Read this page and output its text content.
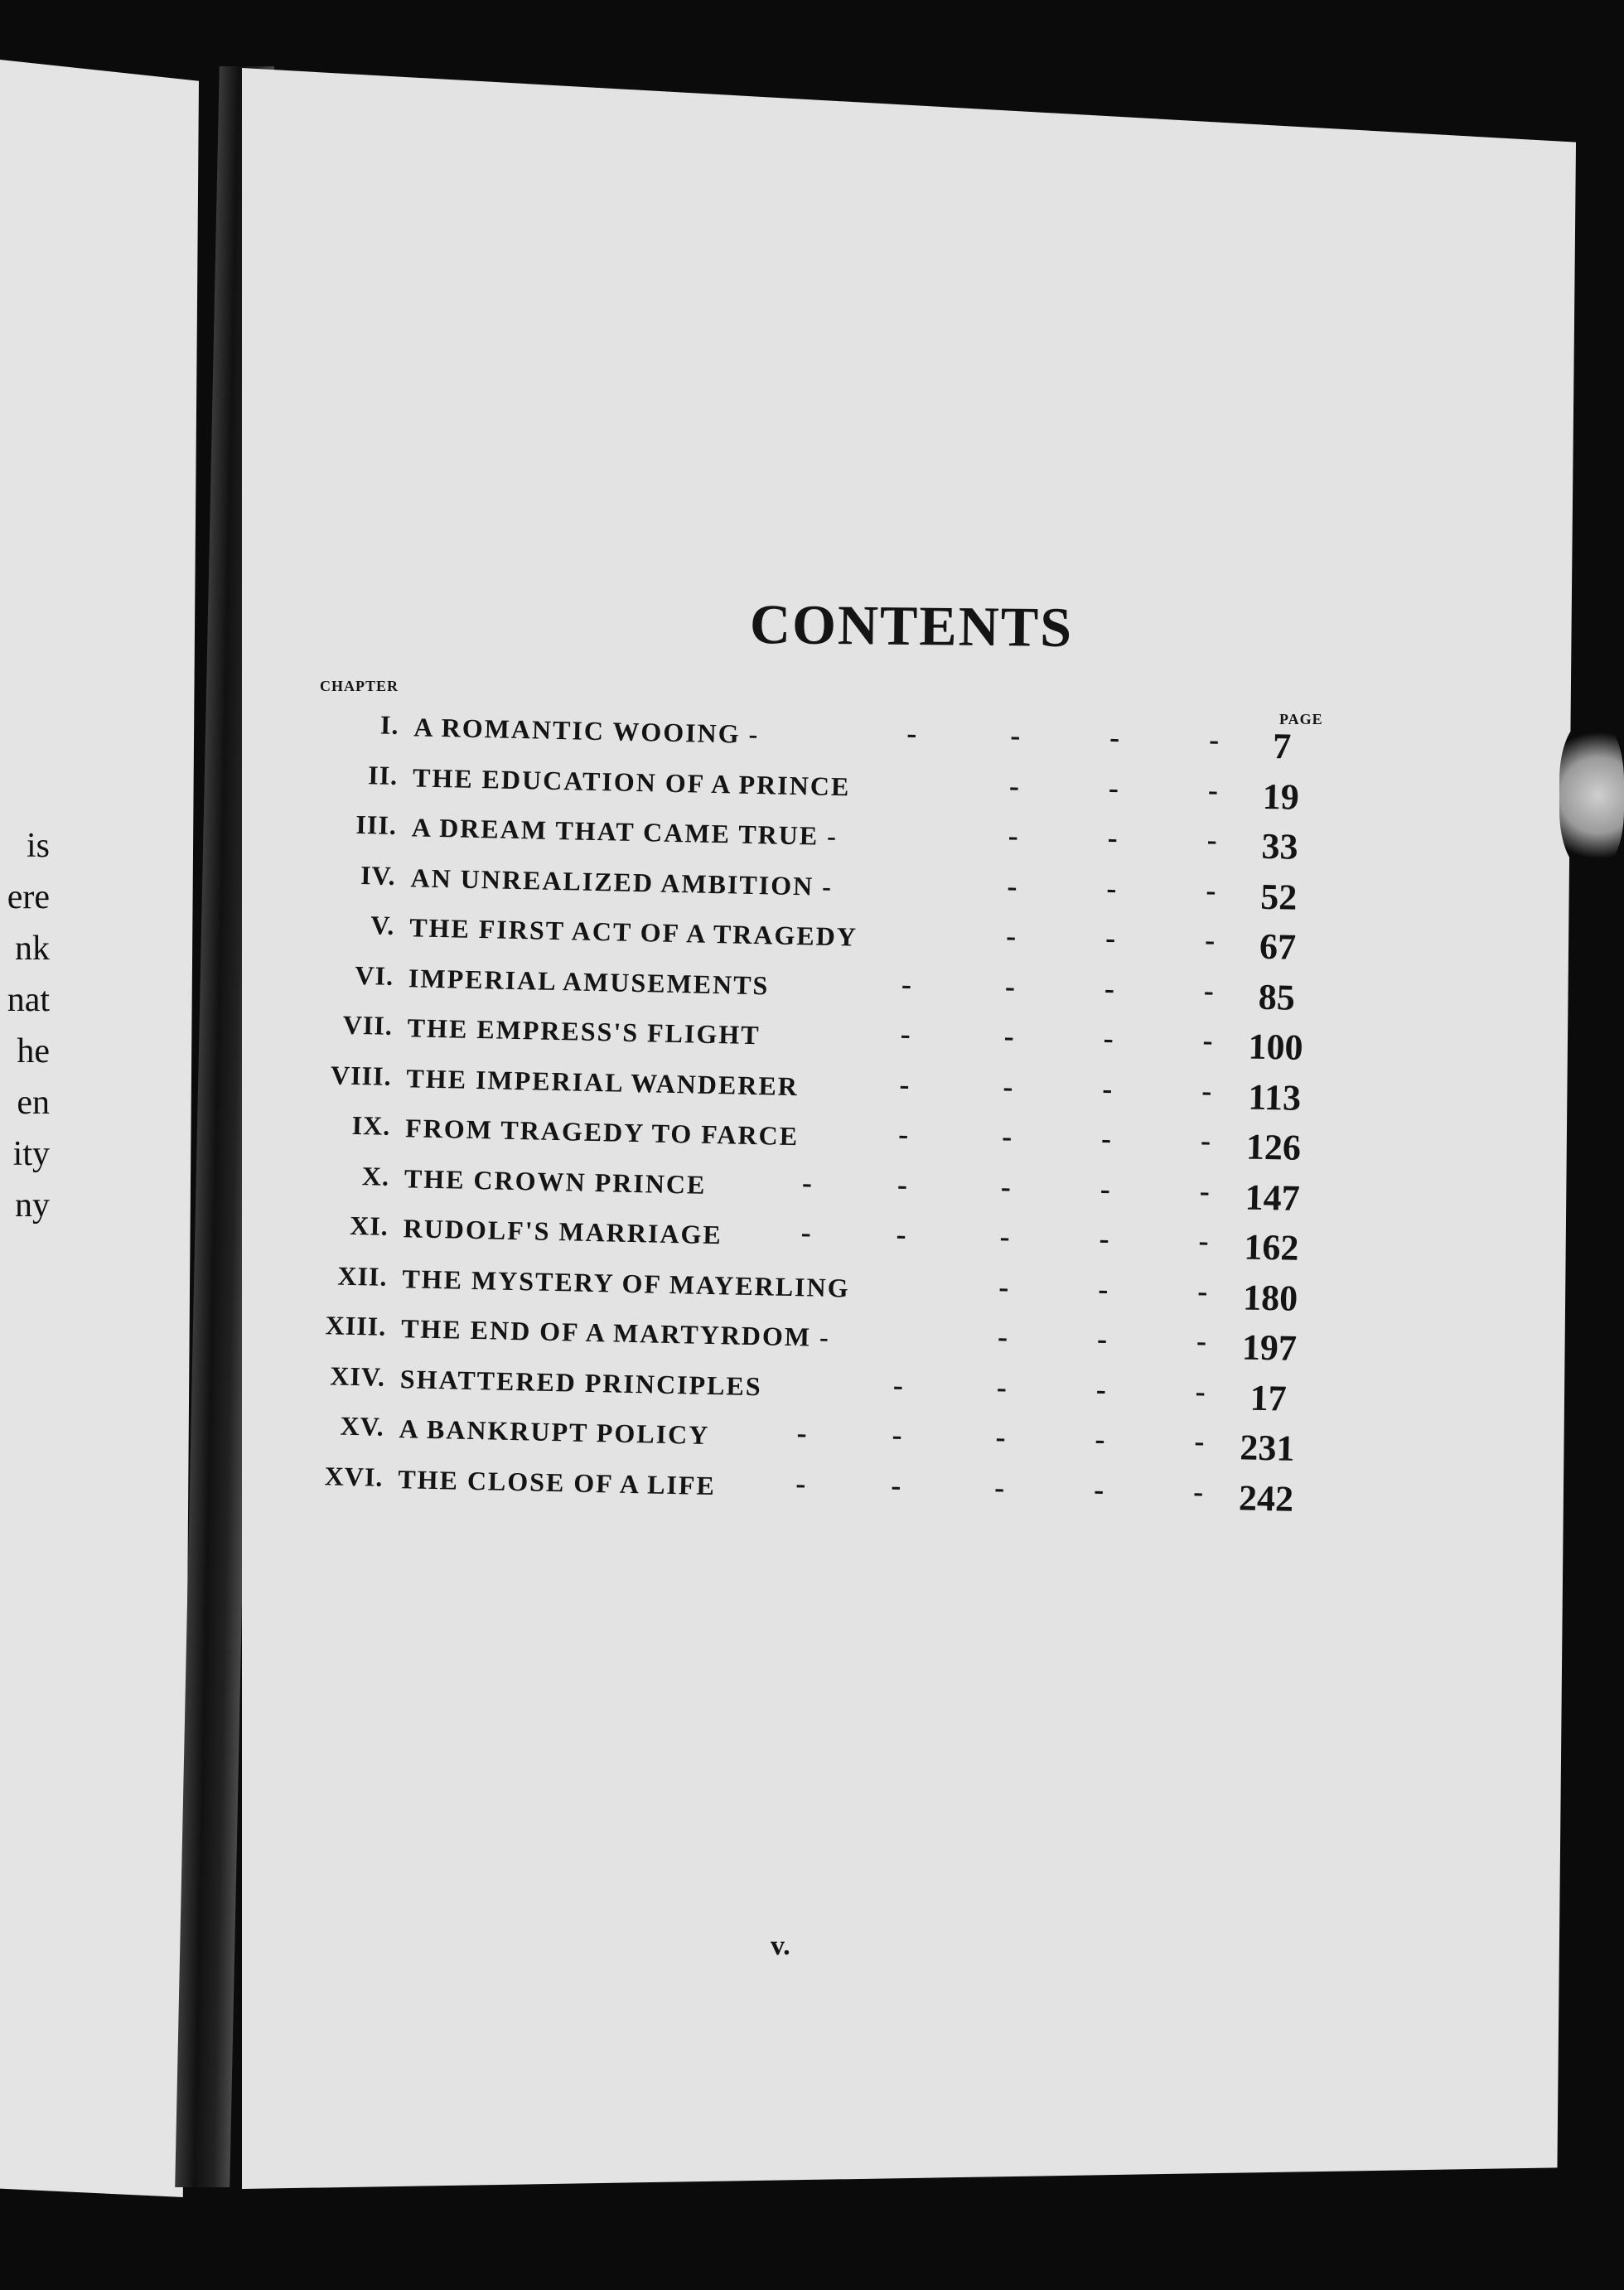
is
ere
nk
nat
he
en
ity
ny
CONTENTS
CHAPTER
PAGE
I. A ROMANTIC WOOING -	-	-	-	-	7
II. THE EDUCATION OF A PRINCE	-	-	-	19
III. A DREAM THAT CAME TRUE -	-	-	-	33
IV. AN UNREALIZED AMBITION -	-	-	-	52
V. THE FIRST ACT OF A TRAGEDY	-	-	-	67
VI. IMPERIAL AMUSEMENTS	-	-	-	-	85
VII. THE EMPRESS'S FLIGHT	-	-	-	- 100
VIII. THE IMPERIAL WANDERER	-	-	-	- 113
IX. FROM TRAGEDY TO FARCE	-	-	-	- 126
X. THE CROWN PRINCE	-	-	-	-	- 147
XI. RUDOLF'S MARRIAGE	-	-	-	-	- 162
XII. THE MYSTERY OF MAYERLING	-	-	- 180
XIII. THE END OF A MARTYRDOM -	-	-	- 197
XIV. SHATTERED PRINCIPLES	-	-	-	-	17
XV. A BANKRUPT POLICY	-	-	-	-	- 231
XVI. THE CLOSE OF A LIFE	-	-	-	-	- 242
v.
